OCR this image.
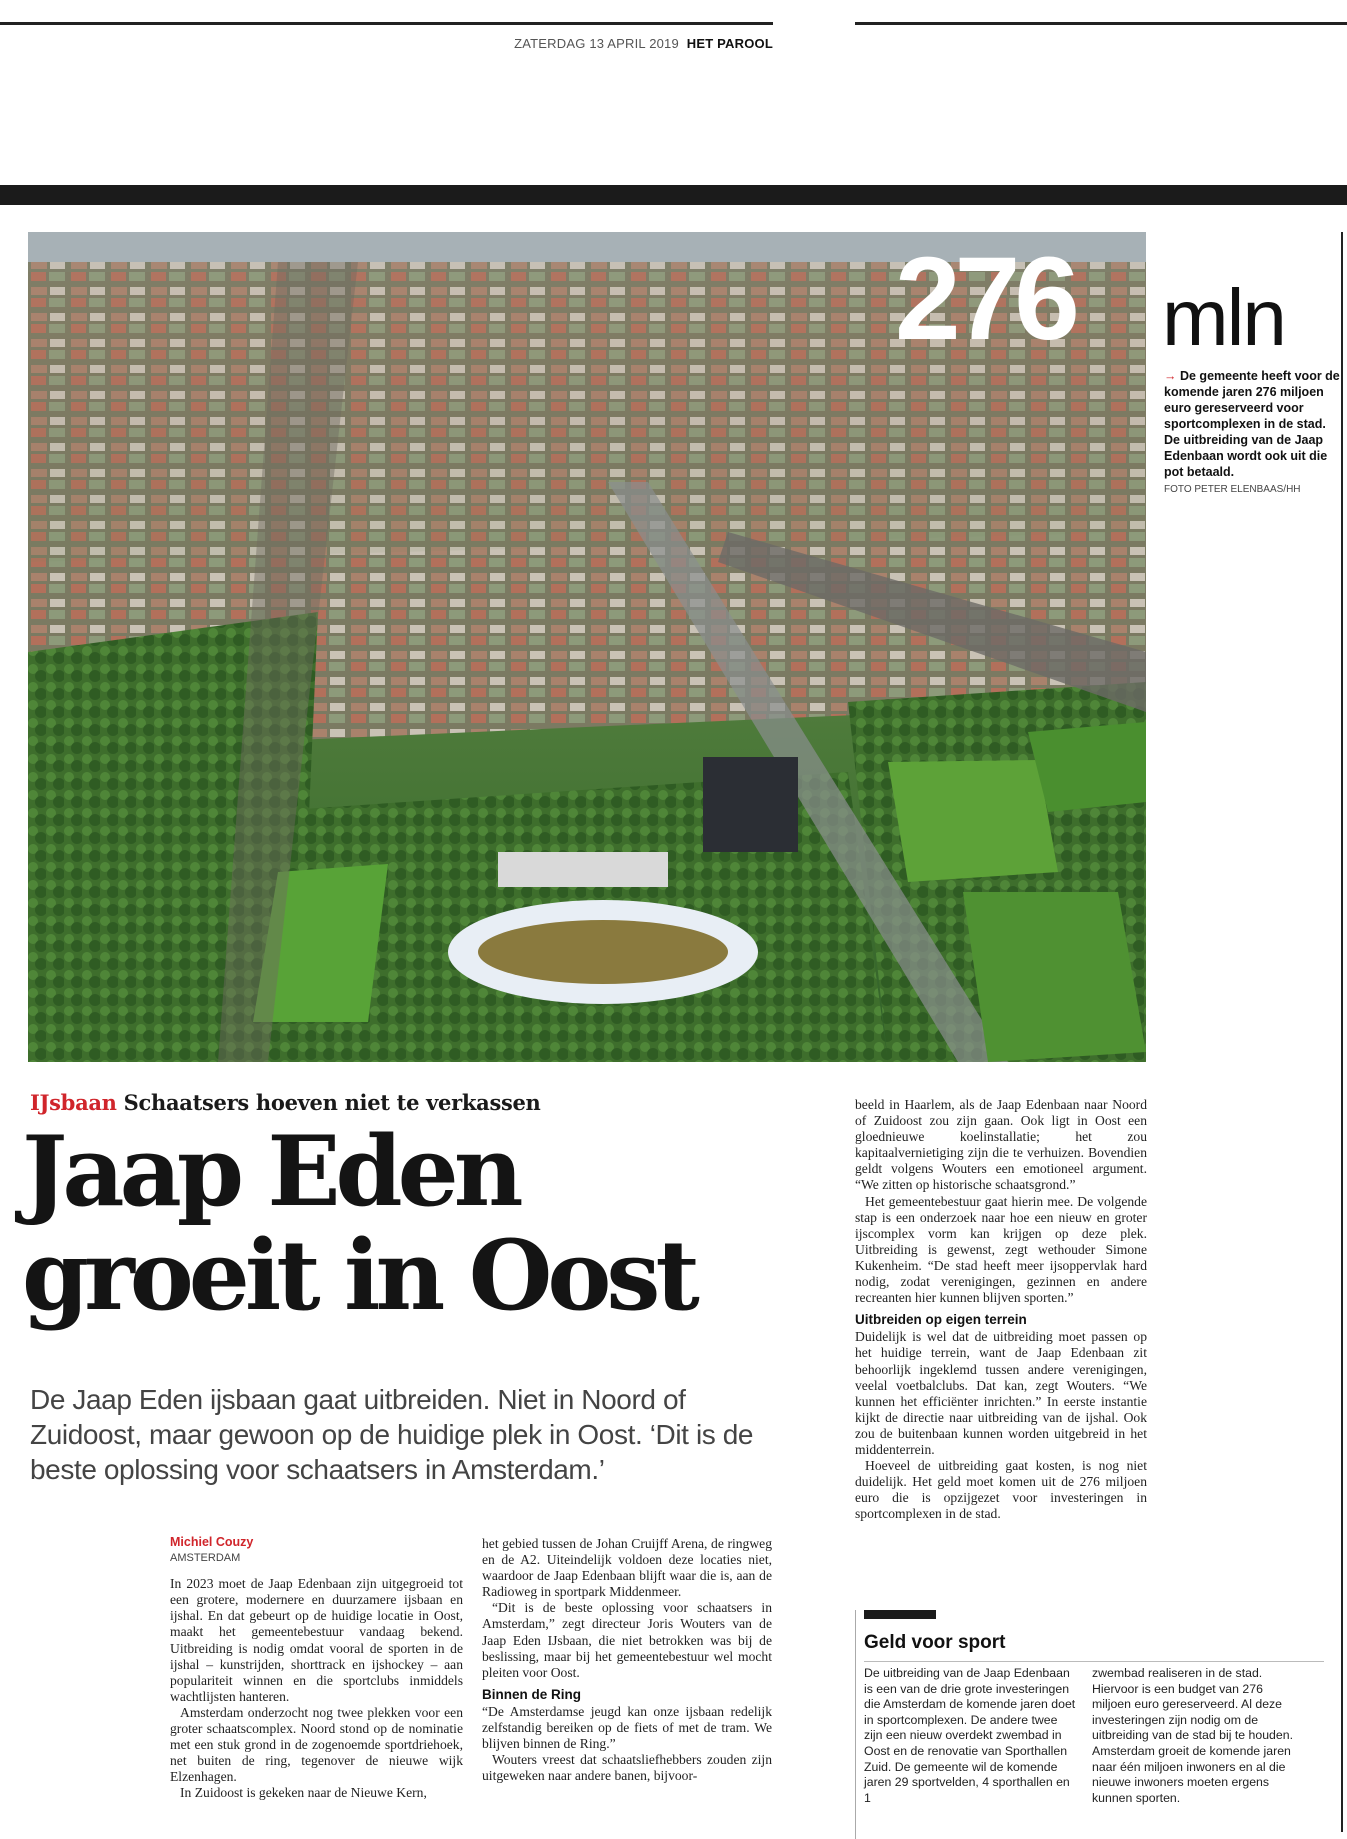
ZATERDAG 13 APRIL 2019 HET PAROOL
276 mln
→ De gemeente heeft voor de komende jaren 276 miljoen euro gereserveerd voor sportcomplexen in de stad. De uitbreiding van de Jaap Edenbaan wordt ook uit die pot betaald.
FOTO PETER ELENBAAS/HH
IJsbaan Schaatsers hoeven niet te verkassen
Jaap Eden
groeit in Oost
De Jaap Eden ijsbaan gaat uitbreiden. Niet in Noord of Zuidoost, maar gewoon op de huidige plek in Oost. ‘Dit is de beste oplossing voor schaatsers in Amsterdam.’
Michiel Couzy
AMSTERDAM

In 2023 moet de Jaap Edenbaan zijn uitgegroeid tot een grotere, modernere en duurzamere ijsbaan en ijshal. En dat gebeurt op de huidige locatie in Oost, maakt het gemeentebestuur vandaag bekend. Uitbreiding is nodig omdat vooral de sporten in de ijshal – kunstrijden, shorttrack en ijshockey – aan populariteit winnen en die sportclubs inmiddels wachtlijsten hanteren.

Amsterdam onderzocht nog twee plekken voor een groter schaatscomplex. Noord stond op de nominatie met een stuk grond in de zogenoemde sportdriehoek, net buiten de ring, tegenover de nieuwe wijk Elzenhagen.

In Zuidoost is gekeken naar de Nieuwe Kern,

het gebied tussen de Johan Cruijff Arena, de ringweg en de A2. Uiteindelijk voldoen deze locaties niet, waardoor de Jaap Edenbaan blijft waar die is, aan de Radioweg in sportpark Middenmeer.

“Dit is de beste oplossing voor schaatsers in Amsterdam,” zegt directeur Joris Wouters van de Jaap Eden IJsbaan, die niet betrokken was bij de beslissing, maar bij het gemeentebestuur wel mocht pleiten voor Oost.

Binnen de Ring

“De Amsterdamse jeugd kan onze ijsbaan redelijk zelfstandig bereiken op de fiets of met de tram. We blijven binnen de Ring.”

Wouters vreest dat schaatsliefhebbers zouden zijn uitgeweken naar andere banen, bijvoor-

beeld in Haarlem, als de Jaap Edenbaan naar Noord of Zuidoost zou zijn gaan. Ook ligt in Oost een gloednieuwe koelinstallatie; het zou kapitaalvernietiging zijn die te verhuizen. Bovendien geldt volgens Wouters een emotioneel argument. “We zitten op historische schaatsgrond.”

Het gemeentebestuur gaat hierin mee. De volgende stap is een onderzoek naar hoe een nieuw en groter ijscomplex vorm kan krijgen op deze plek. Uitbreiding is gewenst, zegt wethouder Simone Kukenheim. “De stad heeft meer ijsoppervlak hard nodig, zodat verenigingen, gezinnen en andere recreanten hier kunnen blijven sporten.”

Uitbreiden op eigen terrein

Duidelijk is wel dat de uitbreiding moet passen op het huidige terrein, want de Jaap Edenbaan zit behoorlijk ingeklemd tussen andere verenigingen, veelal voetbalclubs. Dat kan, zegt Wouters. “We kunnen het efficiënter inrichten.” In eerste instantie kijkt de directie naar uitbreiding van de ijshal. Ook zou de buitenbaan kunnen worden uitgebreid in het middenterrein.

Hoeveel de uitbreiding gaat kosten, is nog niet duidelijk. Het geld moet komen uit de 276 miljoen euro die is opzijgezet voor investeringen in sportcomplexen in de stad.

Geld voor sport
De uitbreiding van de Jaap Edenbaan is een van de drie grote investeringen die Amsterdam de komende jaren doet in sportcomplexen. De andere twee zijn een nieuw overdekt zwembad in Oost en de renovatie van Sporthallen Zuid. De gemeente wil de komende jaren 29 sportvelden, 4 sporthallen en 1
zwembad realiseren in de stad. Hiervoor is een budget van 276 miljoen euro gereserveerd. Al deze investeringen zijn nodig om de uitbreiding van de stad bij te houden. Amsterdam groeit de komende jaren naar één miljoen inwoners en al die nieuwe inwoners moeten ergens kunnen sporten.
